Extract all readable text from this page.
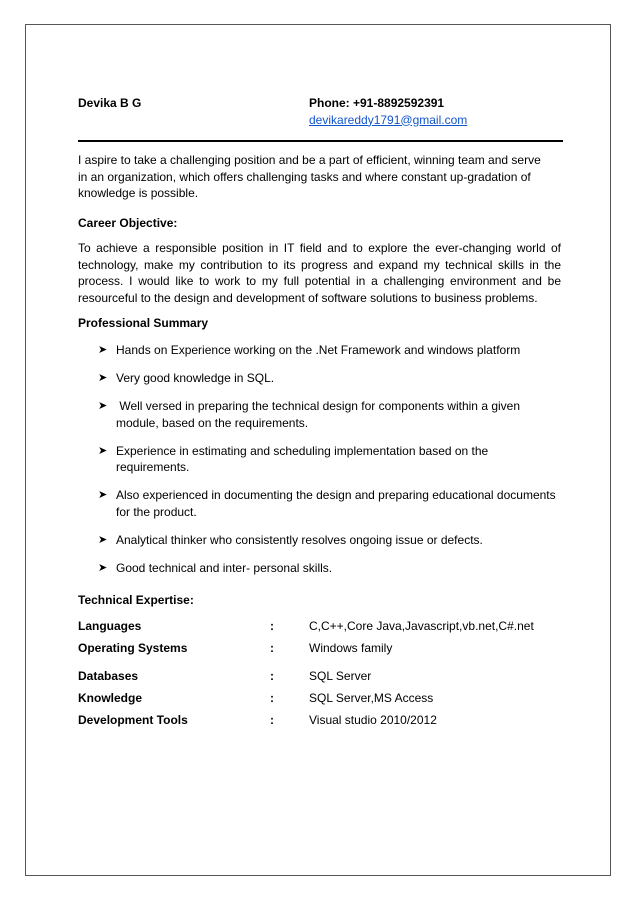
Devika B G	Phone: +91-8892592391
devikareddy1791@gmail.com
I aspire to take a challenging position and be a part of efficient, winning team and serve in an organization, which offers challenging tasks and where constant up-gradation of knowledge is possible.
Career Objective:
To achieve a responsible position in IT field and to explore the ever-changing world of technology, make my contribution to its progress and expand my technical skills in the process. I would like to work to my full potential in a challenging environment and be resourceful to the design and development of software solutions to business problems.
Professional Summary
➤ Hands on Experience working on the .Net Framework and windows platform
➤ Very good knowledge in SQL.
➤ Well versed in preparing the technical design for components within a given module, based on the requirements.
➤ Experience in estimating and scheduling implementation based on the requirements.
➤ Also experienced in documenting the design and preparing educational documents for the product.
➤ Analytical thinker who consistently resolves ongoing issue or defects.
➤ Good technical and inter- personal skills.
Technical Expertise:
Languages	:	C,C++,Core Java,Javascript,vb.net,C#.net
Operating Systems	:	Windows family
Databases	:	SQL Server
Knowledge	:	SQL Server,MS Access
Development Tools	:	Visual studio 2010/2012
